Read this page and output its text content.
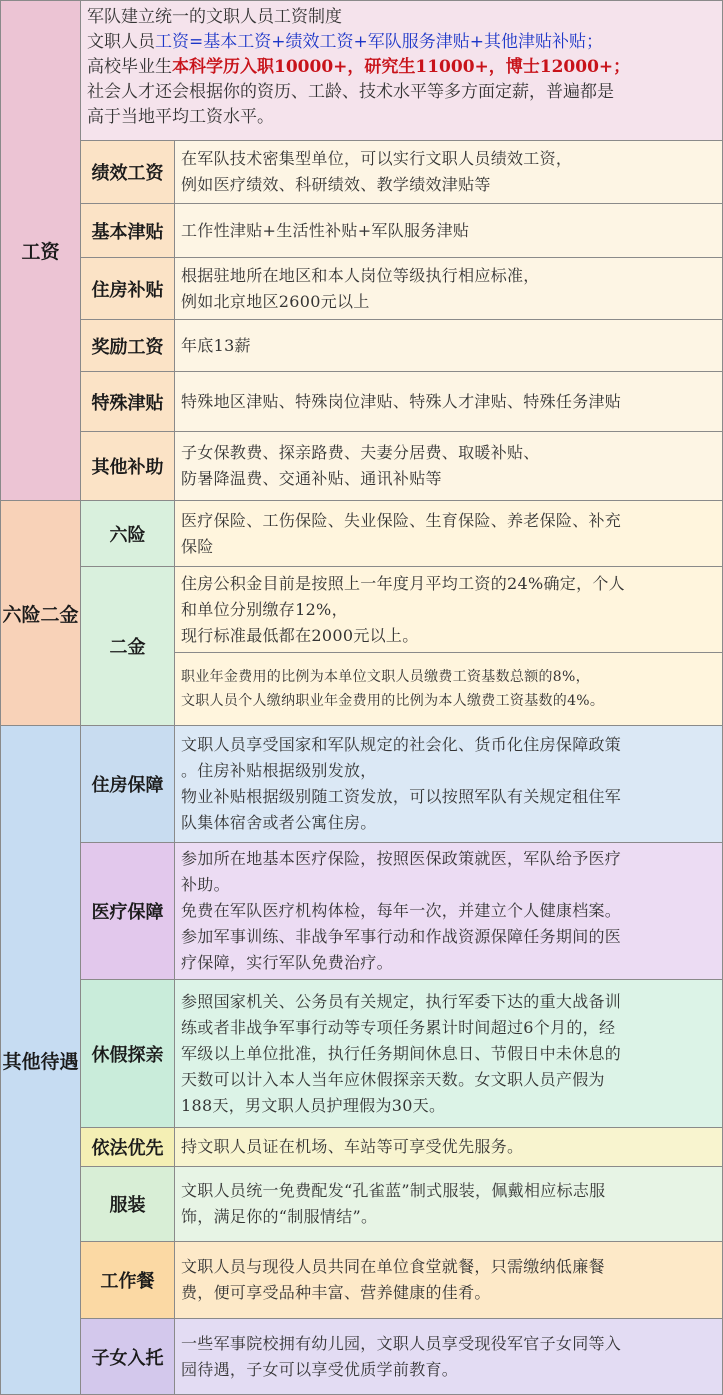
工资
军队建立统一的文职人员工资制度
文职人员工资=基本工资+绩效工资+军队服务津贴+其他津贴补贴；
高校毕业生本科学历入职10000+，研究生11000+，博士12000+；
社会人才还会根据你的资历、工龄、技术水平等多方面定薪，普遍都是
高于当地平均工资水平。
绩效工资
在军队技术密集型单位，可以实行文职人员绩效工资，
例如医疗绩效、科研绩效、教学绩效津贴等
基本津贴 工作性津贴+生活性补贴+军队服务津贴
住房补贴
根据驻地所在地区和本人岗位等级执行相应标准，
例如北京地区2600元以上
奖励工资 年底13薪
特殊津贴 特殊地区津贴、特殊岗位津贴、特殊人才津贴、特殊任务津贴
其他补助
子女保教费、探亲路费、夫妻分居费、取暖补贴、
防暑降温费、交通补贴、通讯补贴等
六险二金
六险
医疗保险、工伤保险、失业保险、生育保险、养老保险、补充
保险
二金
住房公积金目前是按照上一年度月平均工资的24%确定，个人
和单位分别缴存12%，
现行标准最低都在2000元以上。
职业年金费用的比例为本单位文职人员缴费工资基数总额的8%，
文职人员个人缴纳职业年金费用的比例为本人缴费工资基数的4%。
其他待遇
住房保障
文职人员享受国家和军队规定的社会化、货币化住房保障政策
。住房补贴根据级别发放，
物业补贴根据级别随工资发放，可以按照军队有关规定租住军
队集体宿舍或者公寓住房。
医疗保障
参加所在地基本医疗保险，按照医保政策就医，军队给予医疗
补助。
免费在军队医疗机构体检，每年一次，并建立个人健康档案。
参加军事训练、非战争军事行动和作战资源保障任务期间的医
疗保障，实行军队免费治疗。
休假探亲
参照国家机关、公务员有关规定，执行军委下达的重大战备训
练或者非战争军事行动等专项任务累计时间超过6个月的，经
军级以上单位批准，执行任务期间休息日、节假日中未休息的
天数可以计入本人当年应休假探亲天数。女文职人员产假为
188天，男文职人员护理假为30天。
依法优先 持文职人员证在机场、车站等可享受优先服务。
服装
文职人员统一免费配发“孔雀蓝”制式服装，佩戴相应标志服
饰，满足你的“制服情结”。
工作餐
文职人员与现役人员共同在单位食堂就餐，只需缴纳低廉餐
费，便可享受品种丰富、营养健康的佳肴。
子女入托
一些军事院校拥有幼儿园，文职人员享受现役军官子女同等入
园待遇，子女可以享受优质学前教育。
